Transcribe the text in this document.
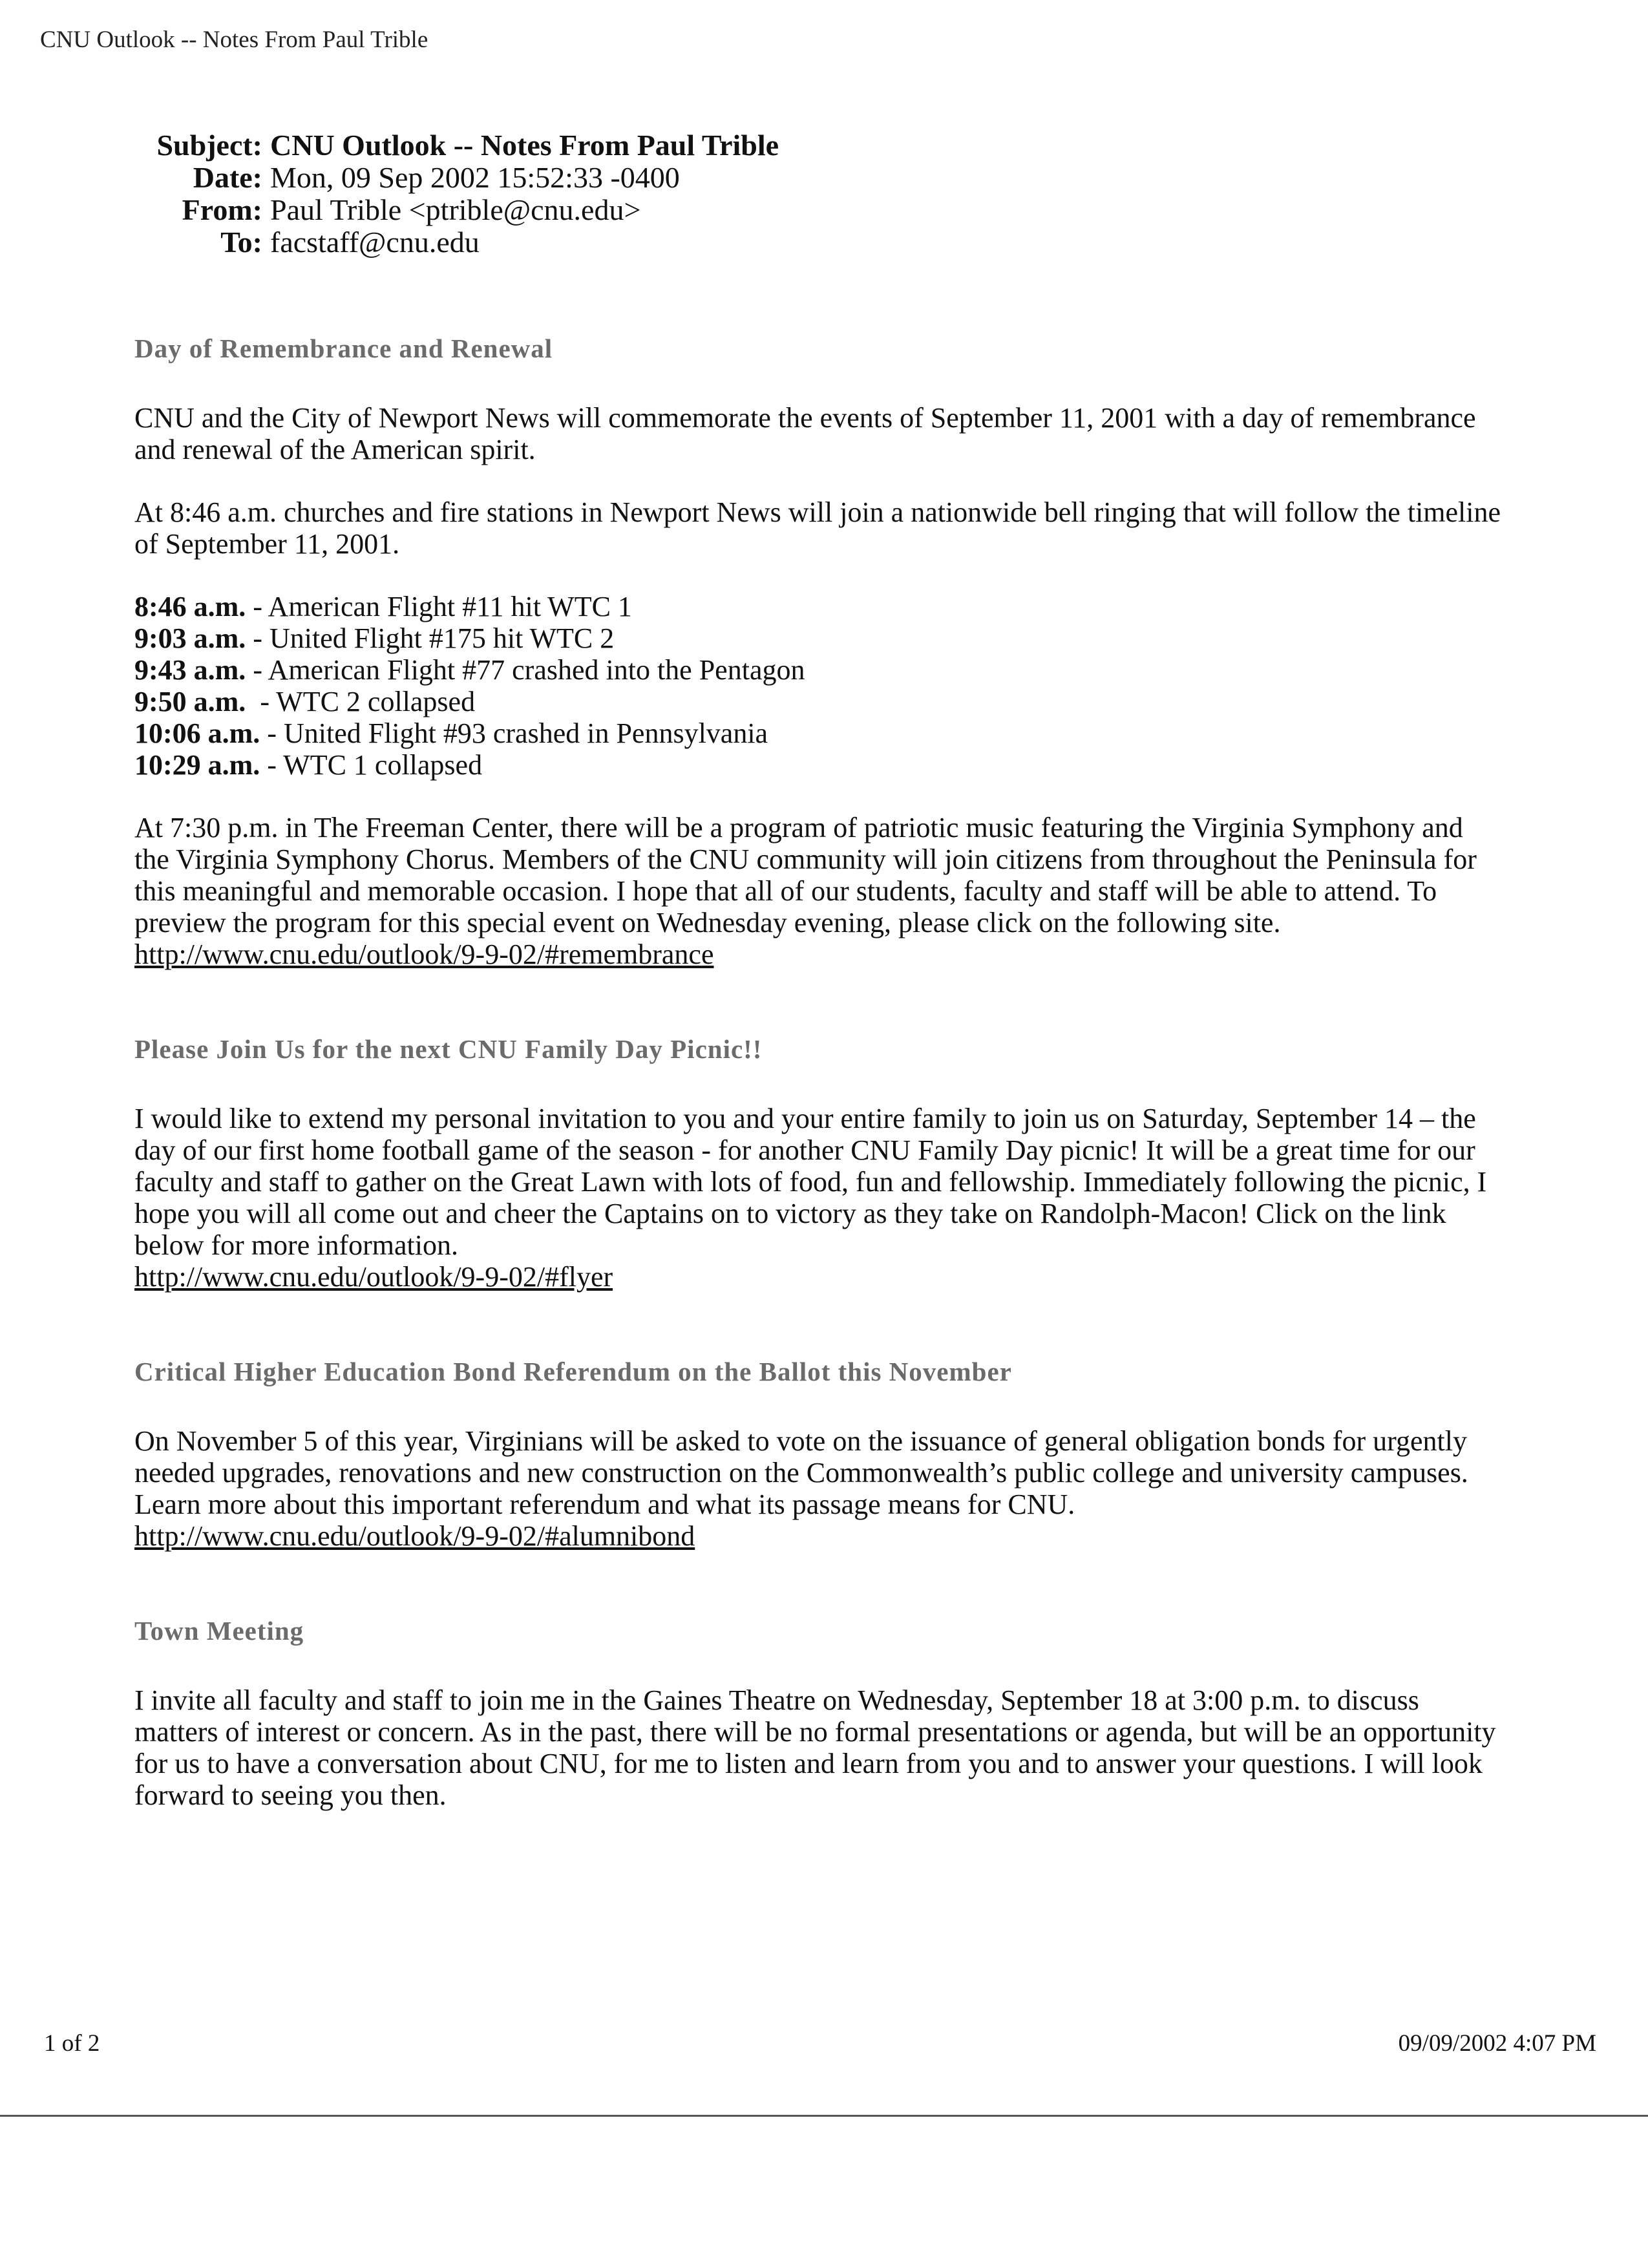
CNU Outlook -- Notes From Paul Trible
Subject: CNU Outlook -- Notes From Paul Trible
Date: Mon, 09 Sep 2002 15:52:33 -0400
From: Paul Trible <ptrible@cnu.edu>
To: facstaff@cnu.edu
Day of Remembrance and Renewal

CNU and the City of Newport News will commemorate the events of September 11, 2001 with a day of remembrance and renewal of the American spirit.

At 8:46 a.m. churches and fire stations in Newport News will join a nationwide bell ringing that will follow the timeline of September 11, 2001.

8:46 a.m. - American Flight #11 hit WTC 1
9:03 a.m. - United Flight #175 hit WTC 2
9:43 a.m. - American Flight #77 crashed into the Pentagon
9:50 a.m.  - WTC 2 collapsed
10:06 a.m. - United Flight #93 crashed in Pennsylvania
10:29 a.m. - WTC 1 collapsed

At 7:30 p.m. in The Freeman Center, there will be a program of patriotic music featuring the Virginia Symphony and the Virginia Symphony Chorus. Members of the CNU community will join citizens from throughout the Peninsula for this meaningful and memorable occasion. I hope that all of our students, faculty and staff will be able to attend. To preview the program for this special event on Wednesday evening, please click on the following site.

http://www.cnu.edu/outlook/9-9-02/#remembrance
Please Join Us for the next CNU Family Day Picnic!!

I would like to extend my personal invitation to you and your entire family to join us on Saturday, September 14 – the day of our first home football game of the season - for another CNU Family Day picnic! It will be a great time for our faculty and staff to gather on the Great Lawn with lots of food, fun and fellowship. Immediately following the picnic, I hope you will all come out and cheer the Captains on to victory as they take on Randolph-Macon! Click on the link below for more information.

http://www.cnu.edu/outlook/9-9-02/#flyer
Critical Higher Education Bond Referendum on the Ballot this November

On November 5 of this year, Virginians will be asked to vote on the issuance of general obligation bonds for urgently needed upgrades, renovations and new construction on the Commonwealth’s public college and university campuses. Learn more about this important referendum and what its passage means for CNU.

http://www.cnu.edu/outlook/9-9-02/#alumnibond
Town Meeting

I invite all faculty and staff to join me in the Gaines Theatre on Wednesday, September 18 at 3:00 p.m. to discuss matters of interest or concern. As in the past, there will be no formal presentations or agenda, but will be an opportunity for us to have a conversation about CNU, for me to listen and learn from you and to answer your questions. I will look forward to seeing you then.

1 of 2	09/09/2002 4:07 PM
